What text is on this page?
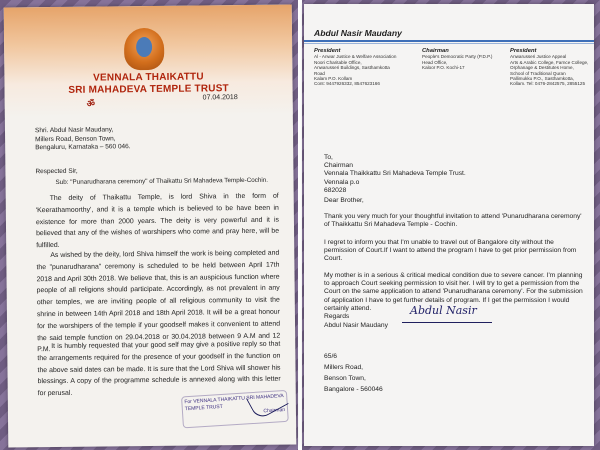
VENNALA THAIKATTU
SRI MAHADEVA TEMPLE TRUST
ॐ
07.04.2018
Shri. Abdul Nasir Maudany,
Millers Road, Benson Town,
Bengaluru, Karnataka – 560 046.
Respected Sir,
Sub: "Punarudharana ceremony" of Thaikattu Sri Mahadeva Temple-Cochin.
The deity of Thaikattu Temple, is lord Shiva in the form of 'Keerathamoorthy', and it is a temple which is believed to be have been in existence for more than 2000 years. The deity is very powerful and it is believed that any of the wishes of worshipers who come and pray here, will be fulfilled.
As wished by the deity, lord Shiva himself the work is being completed and the "punarudharana" ceremony is scheduled to be held between April 17th 2018 and April 30th 2018. We believe that, this is an auspicious function where people of all religions should participate. Accordingly, as not prevalent in any other temples, we are inviting people of all religious community to visit the shrine in between 14th April 2018 and 18th April 2018. It will be a great honour for the worshipers of the temple if your goodself makes it convenient to attend the said temple function on 29.04.2018 or 30.04.2018 between 9 A.M and 12 P.M. It is humbly requested that your good self may give a positive reply so that the arrangements required for the presence of your goodself in the function on the above said dates can be made. It is sure that the Lord Shiva will shower his blessings. A copy of the programme schedule is annexed along with this letter for perusal.	For VENNALA THAIKATTU SRI MAHADEVA TEMPLE TRUST	Chairman
Abdul Nasir Maudany
President
Al - Anwar Justice & Welfare Association
Noori Charitable Office,
Anwarusseri Buildings, Sasthamkotta Road
Kalam P.O. Kollam
Cont: 9447926332, 8547623166
Chairman
People's Democratic Party (P.D.P.)
Head Office,
Kaloor P.O. Kochi-17
President
Anwarusseri Justice Appeal
Arts & Arabic College, Farnce College,
Orphanage & Destitutes Home,
School of Traditional Quran
Pallimukku P.O., Sasthamkotta,
Kollam. Tel: 0476-2842575, 2855125
To,
Chairman
Vennala Thaikkattu Sri Mahadeva Temple Trust.
Vennala p.o
682028
Dear Brother,
Thank you very much for your thoughtful invitation to attend 'Punarudharana ceremony' of Thaikkattu Sri Mahadeva Temple - Cochin.
I regret to inform you that I'm unable to travel out of Bangalore city without the permission of Court.If I want to attend the program I have to get prior permission from Court.
My mother is in a serious & critical medical condition due to severe cancer. I'm planning to approach Court seeking permission to visit her. I will try to get a permission from the Court on the same application to attend 'Punarudharana ceremony'. For the submission of application I have to get further details of program. If I get the permission I would certainly attend.
Regards
Abdul Nasir Maudany
Abdul Nasir
65/6
Millers Road,
Benson Town,
Bangalore - 560046
